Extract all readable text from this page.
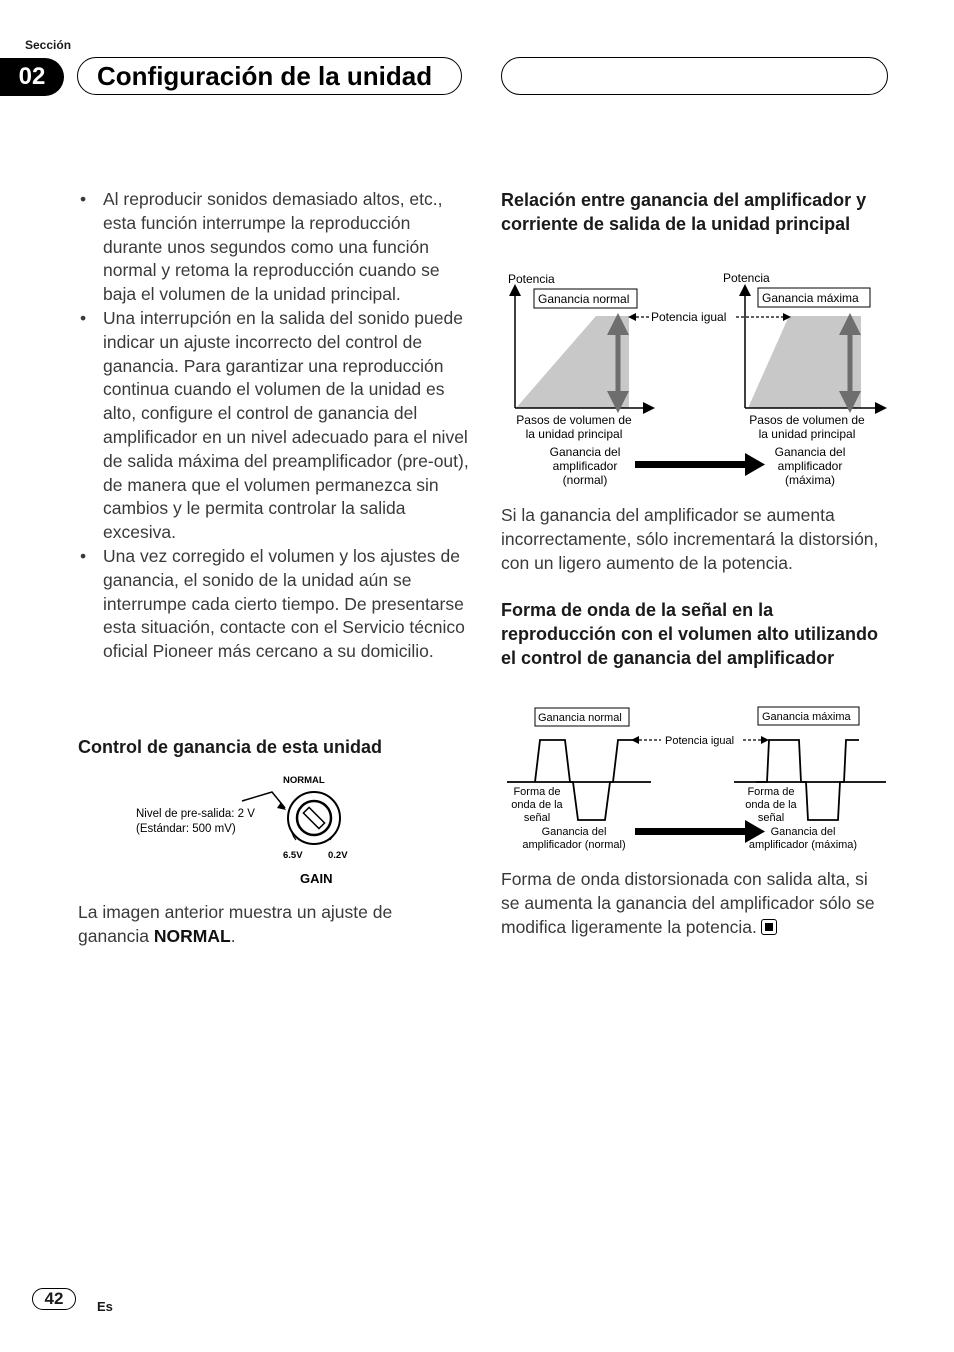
Sección
02	Configuración de la unidad
• Al reproducir sonidos demasiado altos, etc., esta función interrumpe la reproducción durante unos segundos como una función normal y retoma la reproducción cuando se baja el volumen de la unidad principal.
• Una interrupción en la salida del sonido puede indicar un ajuste incorrecto del control de ganancia. Para garantizar una reproducción continua cuando el volumen de la unidad es alto, configure el control de ganancia del amplificador en un nivel adecuado para el nivel de salida máxima del preamplificador (pre-out), de manera que el volumen permanezca sin cambios y le permita controlar la salida excesiva.
• Una vez corregido el volumen y los ajustes de ganancia, el sonido de la unidad aún se interrumpe cada cierto tiempo. De presentarse esta situación, contacte con el Servicio técnico oficial Pioneer más cercano a su domicilio.
Control de ganancia de esta unidad
Nivel de pre-salida: 2 V
(Estándar: 500 mV)
NORMAL
6.5V	0.2V
GAIN
La imagen anterior muestra un ajuste de ganancia NORMAL.
Relación entre ganancia del amplificador y corriente de salida de la unidad principal
Potencia	Potencia
Ganancia normal	Ganancia máxima
Potencia igual
Pasos de volumen de
la unidad principal
Pasos de volumen de
la unidad principal
Ganancia del
amplificador
(normal)
Ganancia del
amplificador
(máxima)
Si la ganancia del amplificador se aumenta incorrectamente, sólo incrementará la distorsión, con un ligero aumento de la potencia.
Forma de onda de la señal en la reproducción con el volumen alto utilizando el control de ganancia del amplificador
Ganancia normal	Ganancia máxima
Potencia igual
Forma de
onda de la
señal
Forma de
onda de la
señal
Ganancia del
amplificador (normal)
Ganancia del
amplificador (máxima)
Forma de onda distorsionada con salida alta, si se aumenta la ganancia del amplificador sólo se modifica ligeramente la potencia.
42	Es
